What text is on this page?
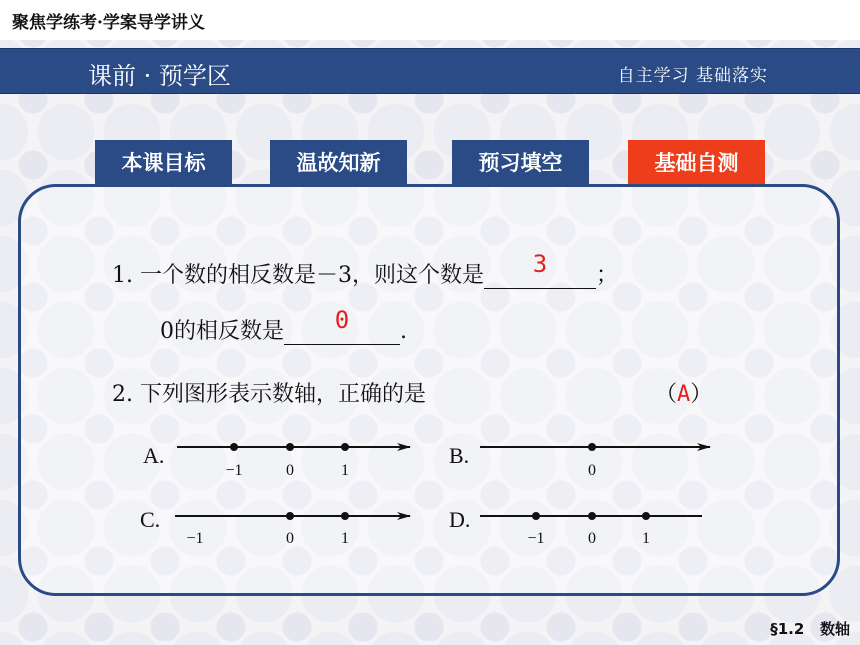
聚焦学练考·学案导学讲义
课前 · 预学区	自主学习 基础落实
本课目标	温故知新	预习填空	基础自测
1. 一个数的相反数是－3，则这个数是	3	；
0的相反数是	0	.
2. 下列图形表示数轴，正确的是	（A）
A.
−1	0	1
B.
0
C.
−1	0	1
D.
−1	0	1
§1.2 数轴
